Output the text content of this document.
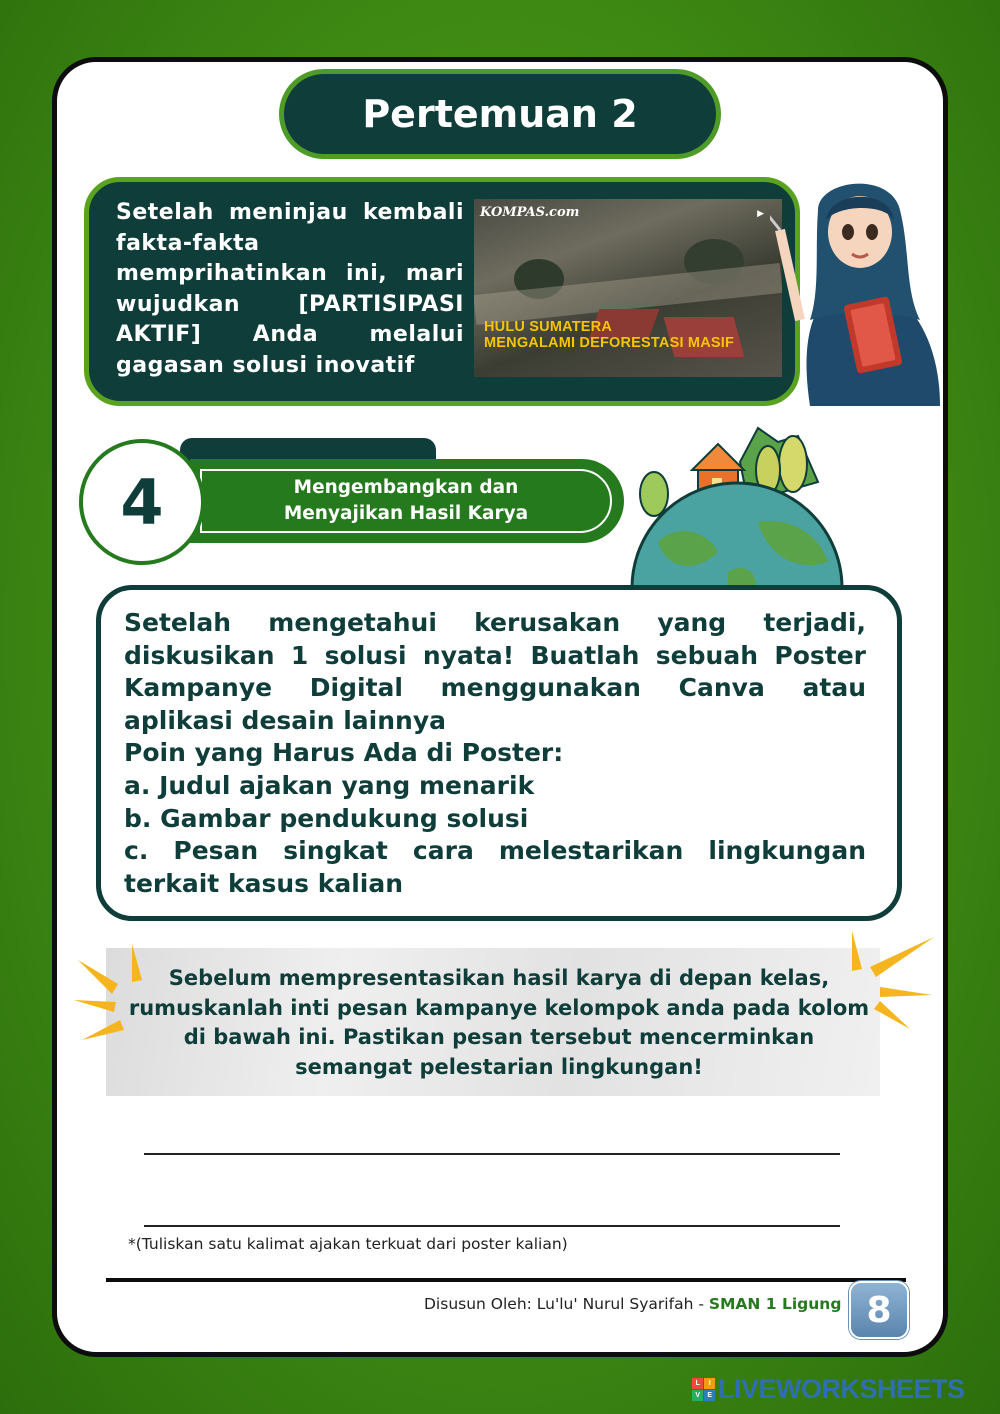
Pertemuan 2
Setelah meninjau kembali fakta-fakta memprihatinkan ini, mari wujudkan [PARTISIPASI AKTIF] Anda melalui gagasan solusi inovatif
KOMPAS.com	▶
HULU SUMATERA
MENGALAMI DEFORESTASI MASIF
Mengembangkan dan
Menyajikan Hasil Karya
4

Setelah mengetahui kerusakan yang terjadi, diskusikan 1 solusi nyata! Buatlah sebuah Poster Kampanye Digital menggunakan Canva atau aplikasi desain lainnya

Poin yang Harus Ada di Poster:

a. Judul ajakan yang menarik

b. Gambar pendukung solusi

c. Pesan singkat cara melestarikan lingkungan terkait kasus kalian

Sebelum mempresentasikan hasil karya di depan kelas, rumuskanlah inti pesan kampanye kelompok anda pada kolom di bawah ini. Pastikan pesan tersebut mencerminkan semangat pelestarian lingkungan!
*(Tuliskan satu kalimat ajakan terkuat dari poster kalian)
Disusun Oleh: Lu'lu' Nurul Syarifah - SMAN 1 Ligung 8
L	I
V	E LIVEWORKSHEETS
